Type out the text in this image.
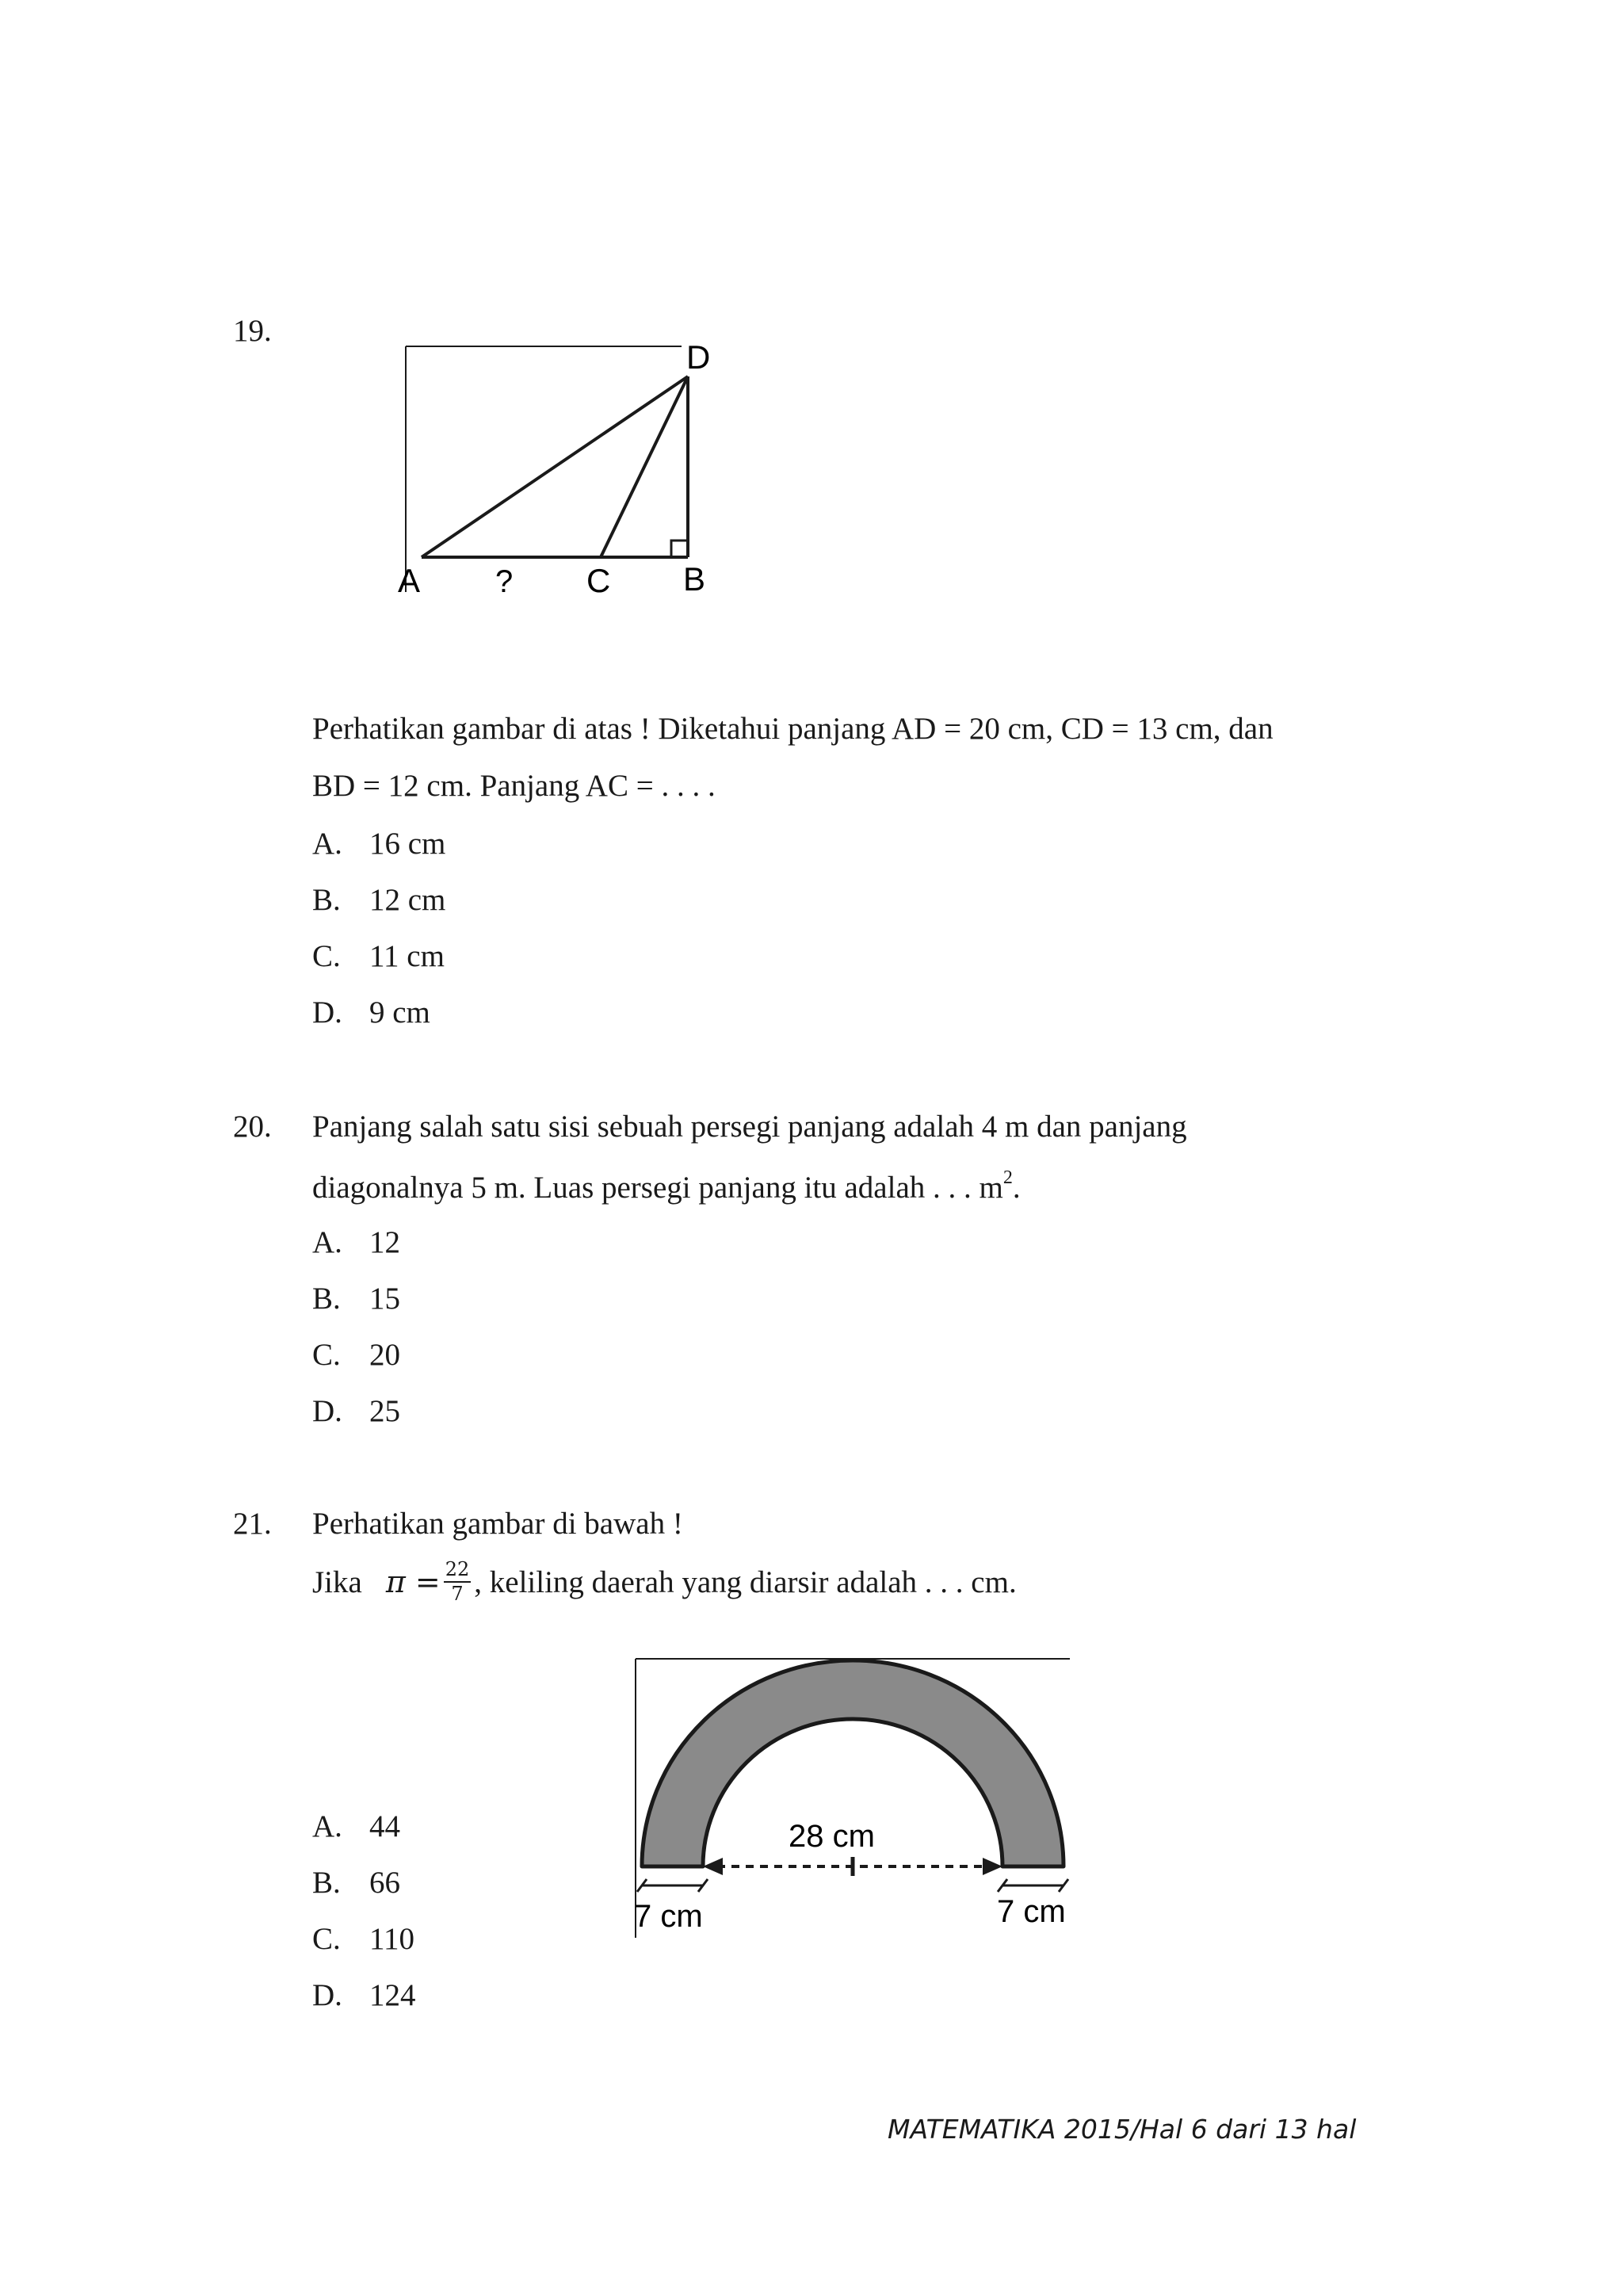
19.
A ? C B
D
Perhatikan gambar di atas ! Diketahui panjang AD = 20 cm, CD = 13 cm, dan
BD = 12 cm. Panjang AC = . . . .
A. 16 cm
B. 12 cm
C. 11 cm
D. 9 cm
20. Panjang salah satu sisi sebuah persegi panjang adalah 4 m dan panjang
diagonalnya 5 m. Luas persegi panjang itu adalah . . . $m^2$.
A. 12
B. 15
C. 20
D. 25
21. Perhatikan gambar di bawah !
Jika $\pi = \frac{22}{7}$ , keliling daerah yang diarsir adalah . . . cm.
28 cm
7 cm	7 cm
A. 44
B. 66
C. 110
D. 124
MATEMATIKA 2015/Hal 6 dari 13 hal
